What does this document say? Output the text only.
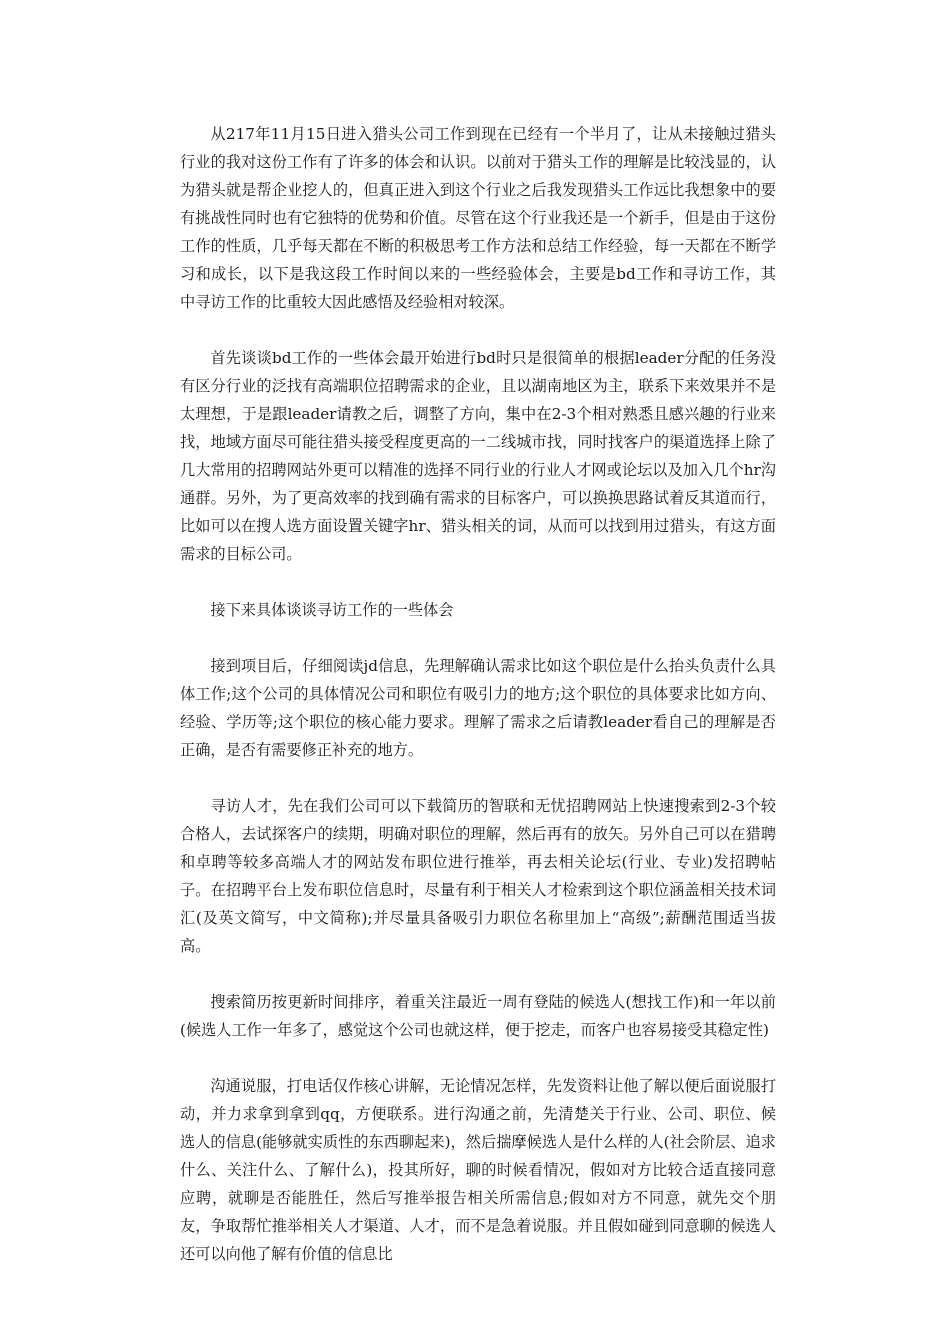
从217年11月15日进入猎头公司工作到现在已经有一个半月了，让从未接触过猎头行业的我对这份工作有了许多的体会和认识。以前对于猎头工作的理解是比较浅显的，认为猎头就是帮企业挖人的，但真正进入到这个行业之后我发现猎头工作远比我想象中的要有挑战性同时也有它独特的优势和价值。尽管在这个行业我还是一个新手，但是由于这份工作的性质，几乎每天都在不断的积极思考工作方法和总结工作经验，每一天都在不断学习和成长，以下是我这段工作时间以来的一些经验体会，主要是bd工作和寻访工作，其中寻访工作的比重较大因此感悟及经验相对较深。

首先谈谈bd工作的一些体会最开始进行bd时只是很简单的根据leader分配的任务没有区分行业的泛找有高端职位招聘需求的企业，且以湖南地区为主，联系下来效果并不是太理想，于是跟leader请教之后，调整了方向，集中在2-3个相对熟悉且感兴趣的行业来找，地域方面尽可能往猎头接受程度更高的一二线城市找，同时找客户的渠道选择上除了几大常用的招聘网站外更可以精准的选择不同行业的行业人才网或论坛以及加入几个hr沟通群。另外，为了更高效率的找到确有需求的目标客户，可以换换思路试着反其道而行，比如可以在搜人选方面设置关键字hr、猎头相关的词，从而可以找到用过猎头，有这方面需求的目标公司。

接下来具体谈谈寻访工作的一些体会

接到项目后，仔细阅读jd信息，先理解确认需求比如这个职位是什么抬头负责什么具体工作;这个公司的具体情况公司和职位有吸引力的地方;这个职位的具体要求比如方向、经验、学历等;这个职位的核心能力要求。理解了需求之后请教leader看自己的理解是否正确，是否有需要修正补充的地方。

寻访人才，先在我们公司可以下载简历的智联和无忧招聘网站上快速搜索到2-3个较合格人，去试探客户的续期，明确对职位的理解，然后再有的放矢。另外自己可以在猎聘和卓聘等较多高端人才的网站发布职位进行推举，再去相关论坛(行业、专业)发招聘帖子。在招聘平台上发布职位信息时，尽量有利于相关人才检索到这个职位涵盖相关技术词汇(及英文简写，中文简称);并尽量具备吸引力职位名称里加上“高级”;薪酬范围适当拔高。

搜索简历按更新时间排序，着重关注最近一周有登陆的候选人(想找工作)和一年以前(候选人工作一年多了，感觉这个公司也就这样，便于挖走，而客户也容易接受其稳定性)

沟通说服，打电话仅作核心讲解，无论情况怎样，先发资料让他了解以便后面说服打动，并力求拿到拿到qq，方便联系。进行沟通之前，先清楚关于行业、公司、职位、候选人的信息(能够就实质性的东西聊起来)，然后揣摩候选人是什么样的人(社会阶层、追求什么、关注什么、了解什么)，投其所好，聊的时候看情况，假如对方比较合适直接同意应聘，就聊是否能胜任，然后写推举报告相关所需信息;假如对方不同意，就先交个朋友，争取帮忙推举相关人才渠道、人才，而不是急着说服。并且假如碰到同意聊的候选人还可以向他了解有价值的信息比
